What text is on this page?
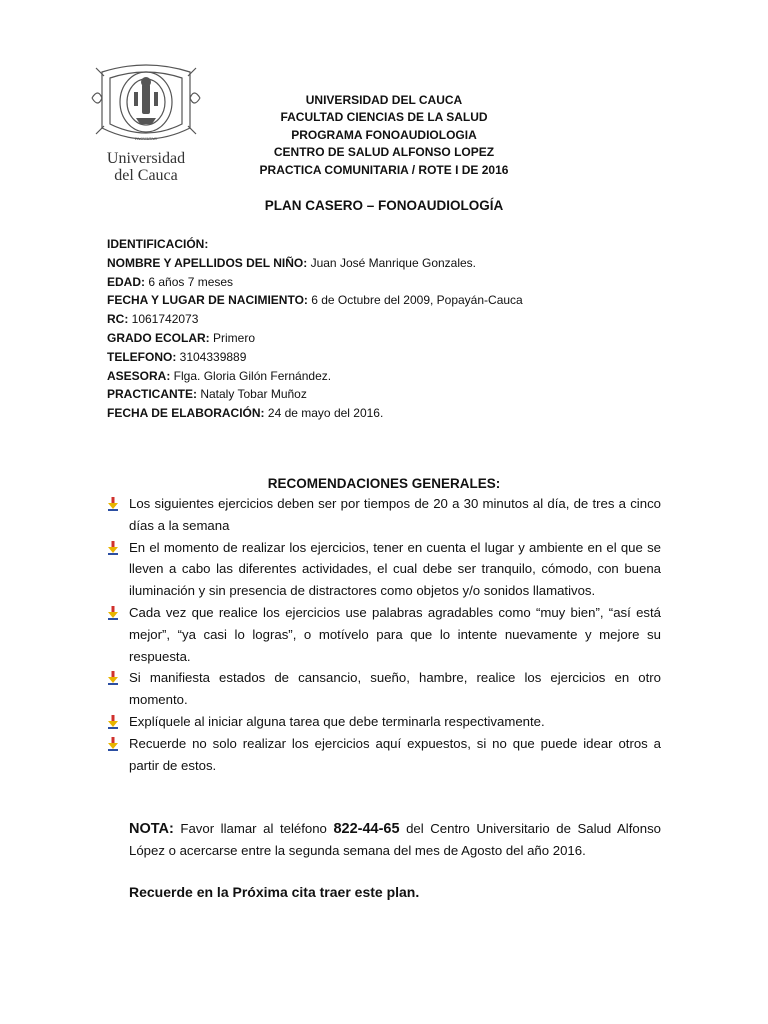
FACULTAD
Universidad
del Cauca
UNIVERSIDAD DEL CAUCA
FACULTAD CIENCIAS DE LA SALUD
PROGRAMA FONOAUDIOLOGIA
CENTRO DE SALUD ALFONSO LOPEZ
PRACTICA COMUNITARIA / ROTE I DE 2016
PLAN CASERO – FONOAUDIOLOGÍA
IDENTIFICACIÓN:
NOMBRE Y APELLIDOS DEL NIÑO: Juan José Manrique Gonzales.
EDAD: 6 años 7 meses
FECHA Y LUGAR DE NACIMIENTO: 6 de Octubre del 2009, Popayán-Cauca
RC: 1061742073
GRADO ECOLAR: Primero
TELEFONO: 3104339889
ASESORA: Flga. Gloria Gilón Fernández.
PRACTICANTE: Nataly Tobar Muñoz
FECHA DE ELABORACIÓN: 24 de mayo del 2016.
RECOMENDACIONES GENERALES:
Los siguientes ejercicios deben ser por tiempos de 20 a 30 minutos al día, de tres a cinco días a la semana
En el momento de realizar los ejercicios, tener en cuenta el lugar y ambiente en el que se lleven a cabo las diferentes actividades, el cual debe ser tranquilo, cómodo, con buena iluminación y sin presencia de distractores como objetos y/o sonidos llamativos.
Cada vez que realice los ejercicios use palabras agradables como “muy bien”, “así está mejor”, “ya casi lo logras”, o motívelo para que lo intente nuevamente y mejore su respuesta.
Si manifiesta estados de cansancio, sueño, hambre, realice los ejercicios en otro momento.
Explíquele al iniciar alguna tarea que debe terminarla respectivamente.
Recuerde no solo realizar los ejercicios aquí expuestos, si no que puede idear otros a partir de estos.
NOTA: Favor llamar al teléfono 822-44-65 del Centro Universitario de Salud Alfonso López o acercarse entre la segunda semana del mes de Agosto del año 2016.
Recuerde en la Próxima cita traer este plan.
